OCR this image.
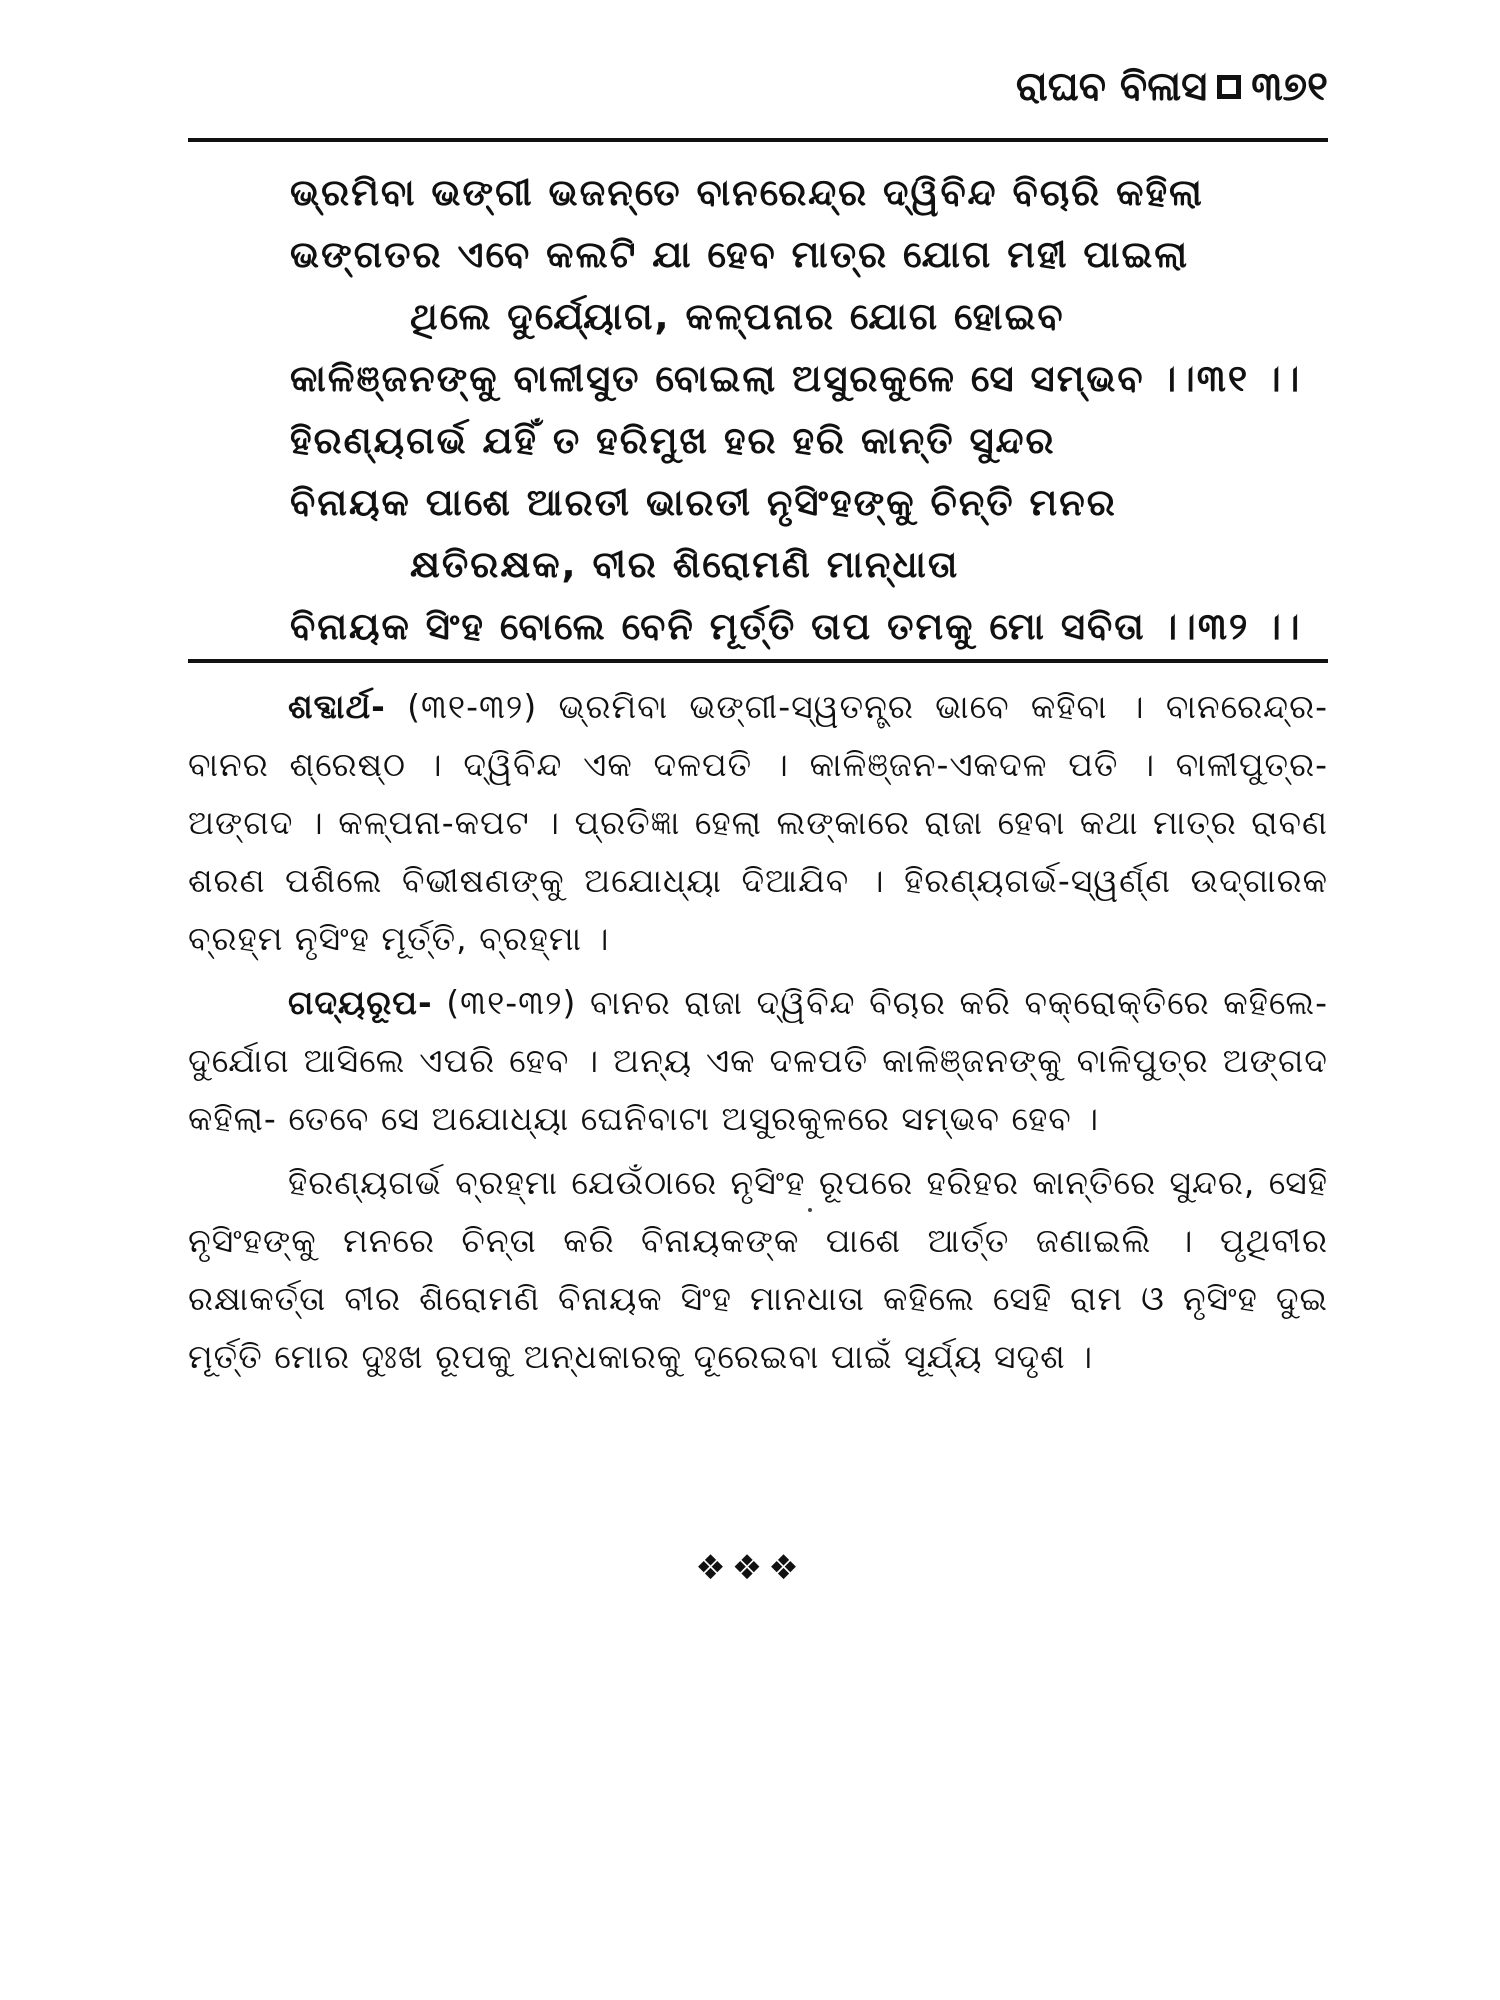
ରାଘବ ବିଳାସ ୩୭୧
ଭ୍ରମିବା ଭଙ୍ଗୀ ଭଜନ୍ତେ ବାନରେନ୍ଦ୍ର ଦ୍ୱିବିନ୍ଦ ବିଚାରି କହିଲା
ଭଙ୍ଗତର ଏବେ କଲଟି ଯା ହେବ ମାତ୍ର ଯୋଗ ମହୀ ପାଇଲା
ଥିଲେ ଦୁର୍ଯ୍ୟୋଗ, କଳ୍ପନାର ଯୋଗ ହୋଇବ
କାଳିଞ୍ଜନଙ୍କୁ ବାଳୀସୁତ ବୋଇଲା ଅସୁରକୁଳେ ସେ ସମ୍ଭବ ।।୩୧ ।।
ହିରଣ୍ୟଗର୍ଭ ଯହିଁ ତ ହରିମୁଖ ହର ହରି କାନ୍ତି ସୁନ୍ଦର
ବିନାୟକ ପାଶେ ଆରତୀ ଭାରତୀ ନୃସିଂହଙ୍କୁ ଚିନ୍ତି ମନର
କ୍ଷତିରକ୍ଷକ, ବୀର ଶିରୋମଣି ମାନ୍ଧାତା
ବିନାୟକ ସିଂହ ବୋଲେ ବେନି ମୂର୍ତ୍ତି ତାପ ତମକୁ ମୋ ସବିତା ।।୩୨ ।।

ଶବ୍ଦାର୍ଥ- (୩୧-୩୨) ଭ୍ରମିବା ଭଙ୍ଗୀ-ସ୍ୱତନ୍ତ୍ର ଭାବେ କହିବା । ବାନରେନ୍ଦ୍ର-ବାନର ଶ୍ରେଷ୍ଠ । ଦ୍ୱିବିନ୍ଦ ଏକ ଦଳପତି । କାଳିଞ୍ଜନ-ଏକଦଳ ପତି । ବାଳୀପୁତ୍ର-ଅଙ୍ଗଦ । କଳ୍ପନା-କପଟ । ପ୍ରତିଜ୍ଞା ହେଲା ଲଙ୍କାରେ ରାଜା ହେବା କଥା ମାତ୍ର ରାବଣ ଶରଣ ପଶିଲେ ବିଭୀଷଣଙ୍କୁ ଅଯୋଧ୍ୟା ଦିଆଯିବ । ହିରଣ୍ୟଗର୍ଭ-ସ୍ୱର୍ଣ୍ଣ ଉଦ୍‌ଗାରକ ବ୍ରହ୍ମ ନୃସିଂହ ମୂର୍ତ୍ତି, ବ୍ରହ୍ମା ।

ଗଦ୍ୟରୂପ- (୩୧-୩୨) ବାନର ରାଜା ଦ୍ୱିବିନ୍ଦ ବିଚାର କରି ବକ୍ରୋକ୍ତିରେ କହିଲେ- ଦୁର୍ଯୋଗ ଆସିଲେ ଏପରି ହେବ । ଅନ୍ୟ ଏକ ଦଳପତି କାଳିଞ୍ଜନଙ୍କୁ ବାଳିପୁତ୍ର ଅଙ୍ଗଦ କହିଲା- ତେବେ ସେ ଅଯୋଧ୍ୟା ଘେନିବାଟା ଅସୁରକୁଳରେ ସମ୍ଭବ ହେବ ।

ହିରଣ୍ୟଗର୍ଭ ବ୍ରହ୍ମା ଯେଉଁଠାରେ ନୃସିଂହ ରୂପରେ ହରିହର କାନ୍ତିରେ ସୁନ୍ଦର, ସେହି ନୃସିଂହଙ୍କୁ ମନରେ ଚିନ୍ତା କରି ବିନାୟକଙ୍କ ପାଶେ ଆର୍ତ୍ତ ଜଣାଇଲି । ପୃଥିବୀର ରକ୍ଷାକର୍ତ୍ତା ବୀର ଶିରୋମଣି ବିନାୟକ ସିଂହ ମାନଧାତା କହିଲେ ସେହି ରାମ ଓ ନୃସିଂହ ଦୁଇ ମୂର୍ତ୍ତି ମୋର ଦୁଃଖ ରୂପକୁ ଅନ୍ଧକାରକୁ ଦୂରେଇବା ପାଇଁ ସୂର୍ଯ୍ୟ ସଦୃଶ ।

❖❖❖
